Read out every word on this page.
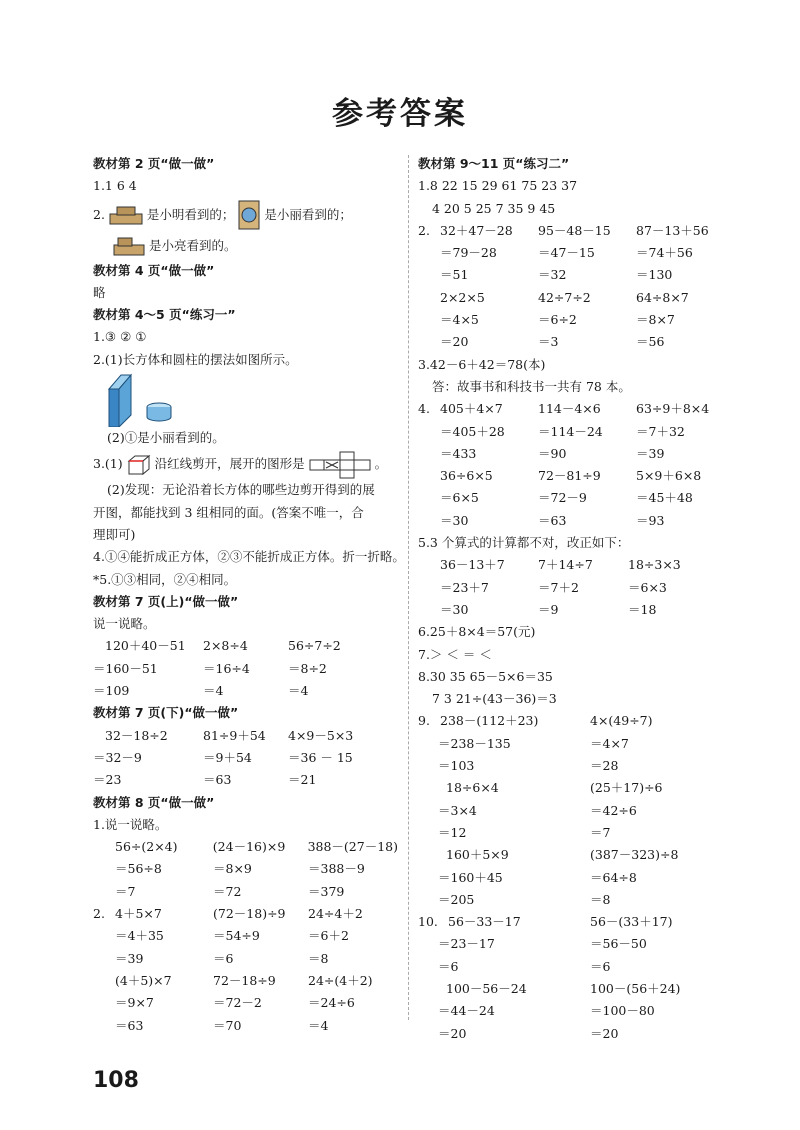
参考答案
教材第 2 页“做一做”
1.1 6 4
2.	是小明看到的； 是小丽看到的；
是小亮看到的。
教材第 4 页“做一做”
略
教材第 4～5 页“练习一”
1.③ ② ①
2.(1)长方体和圆柱的摆法如图所示。
(2)①是小丽看到的。
3.(1)	沿红线剪开，展开的图形是	。
(2)发现：无论沿着长方体的哪些边剪开得到的展
开图，都能找到 3 组相同的面。(答案不唯一，合
理即可)
4.①④能折成正方体，②③不能折成正方体。折一折略。
*5.①③相同，②④相同。
教材第 7 页(上)“做一做”
说一说略。
120＋40－51	2×8÷4	56÷7÷2
＝160－51	＝16÷4	＝8÷2
＝109	＝4	＝4
教材第 7 页(下)“做一做”
32－18÷2	81÷9＋54	4×9－5×3
＝32－9	＝9＋54	＝36 － 15
＝23	＝63	＝21
教材第 8 页“做一做”
1.说一说略。
56÷(2×4)	(24－16)×9	388－(27－18)
＝56÷8	＝8×9	＝388－9
＝7	＝72	＝379
2. 4＋5×7	(72－18)÷9	24÷4＋2
＝4＋35	＝54÷9	＝6＋2
＝39	＝6	＝8
(4＋5)×7	72－18÷9	24÷(4＋2)
＝9×7	＝72－2	＝24÷6
＝63	＝70	＝4
教材第 9～11 页“练习二”
1.8 22 15 29 61 75 23 37
4 20 5 25 7 35 9 45
2. 32＋47－28	95－48－15	87－13＋56
＝79－28	＝47－15	＝74＋56
＝51	＝32	＝130
2×2×5	42÷7÷2	64÷8×7
＝4×5	＝6÷2	＝8×7
＝20	＝3	＝56
3.42－6＋42＝78(本)
答：故事书和科技书一共有 78 本。
4. 405＋4×7	114－4×6	63÷9＋8×4
＝405＋28	＝114－24	＝7＋32
＝433	＝90	＝39
36÷6×5	72－81÷9	5×9＋6×8
＝6×5	＝72－9	＝45＋48
＝30	＝63	＝93
5.3 个算式的计算都不对，改正如下：
36－13＋7	7＋14÷7	18÷3×3
＝23＋7	＝7＋2	＝6×3
＝30	＝9	＝18
6.25＋8×4＝57(元)
7.＞ ＜ ＝ ＜
8.30 35 65－5×6＝35
7 3 21÷(43－36)＝3
9. 238－(112＋23)	4×(49÷7)
＝238－135	＝4×7
＝103	＝28
18÷6×4	(25＋17)÷6
＝3×4	＝42÷6
＝12	＝7
160＋5×9	(387－323)÷8
＝160＋45	＝64÷8
＝205	＝8
10. 56－33－17	56－(33＋17)
＝23－17	＝56－50
＝6	＝6
100－56－24	100－(56＋24)
＝44－24	＝100－80
＝20	＝20
108
